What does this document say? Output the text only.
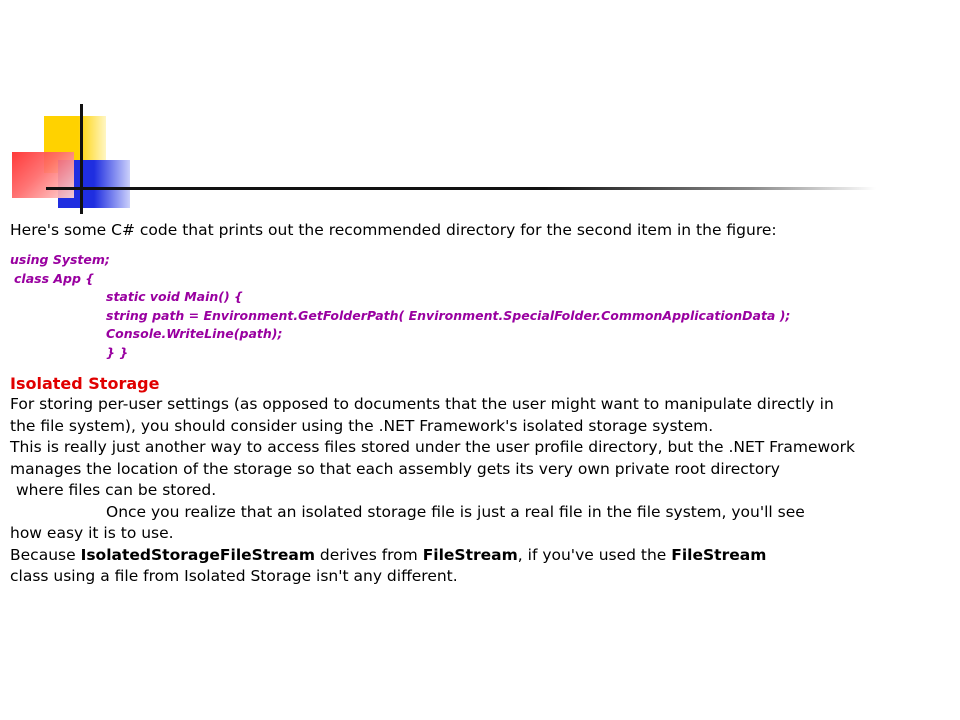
Here's some C# code that prints out the recommended directory for the second item in the figure:

using System;
class App {
static void Main() {
string path = Environment.GetFolderPath( Environment.SpecialFolder.CommonApplicationData );
Console.WriteLine(path);
} }
Isolated Storage

For storing per-user settings (as opposed to documents that the user might want to manipulate directly in

the file system), you should consider using the .NET Framework's isolated storage system.

This is really just another way to access files stored under the user profile directory, but the .NET Framework

manages the location of the storage so that each assembly gets its very own private root directory

where files can be stored.

Once you realize that an isolated storage file is just a real file in the file system, you'll see

how easy it is to use.

Because IsolatedStorageFileStream derives from FileStream, if you've used the FileStream

class using a file from Isolated Storage isn't any different.
